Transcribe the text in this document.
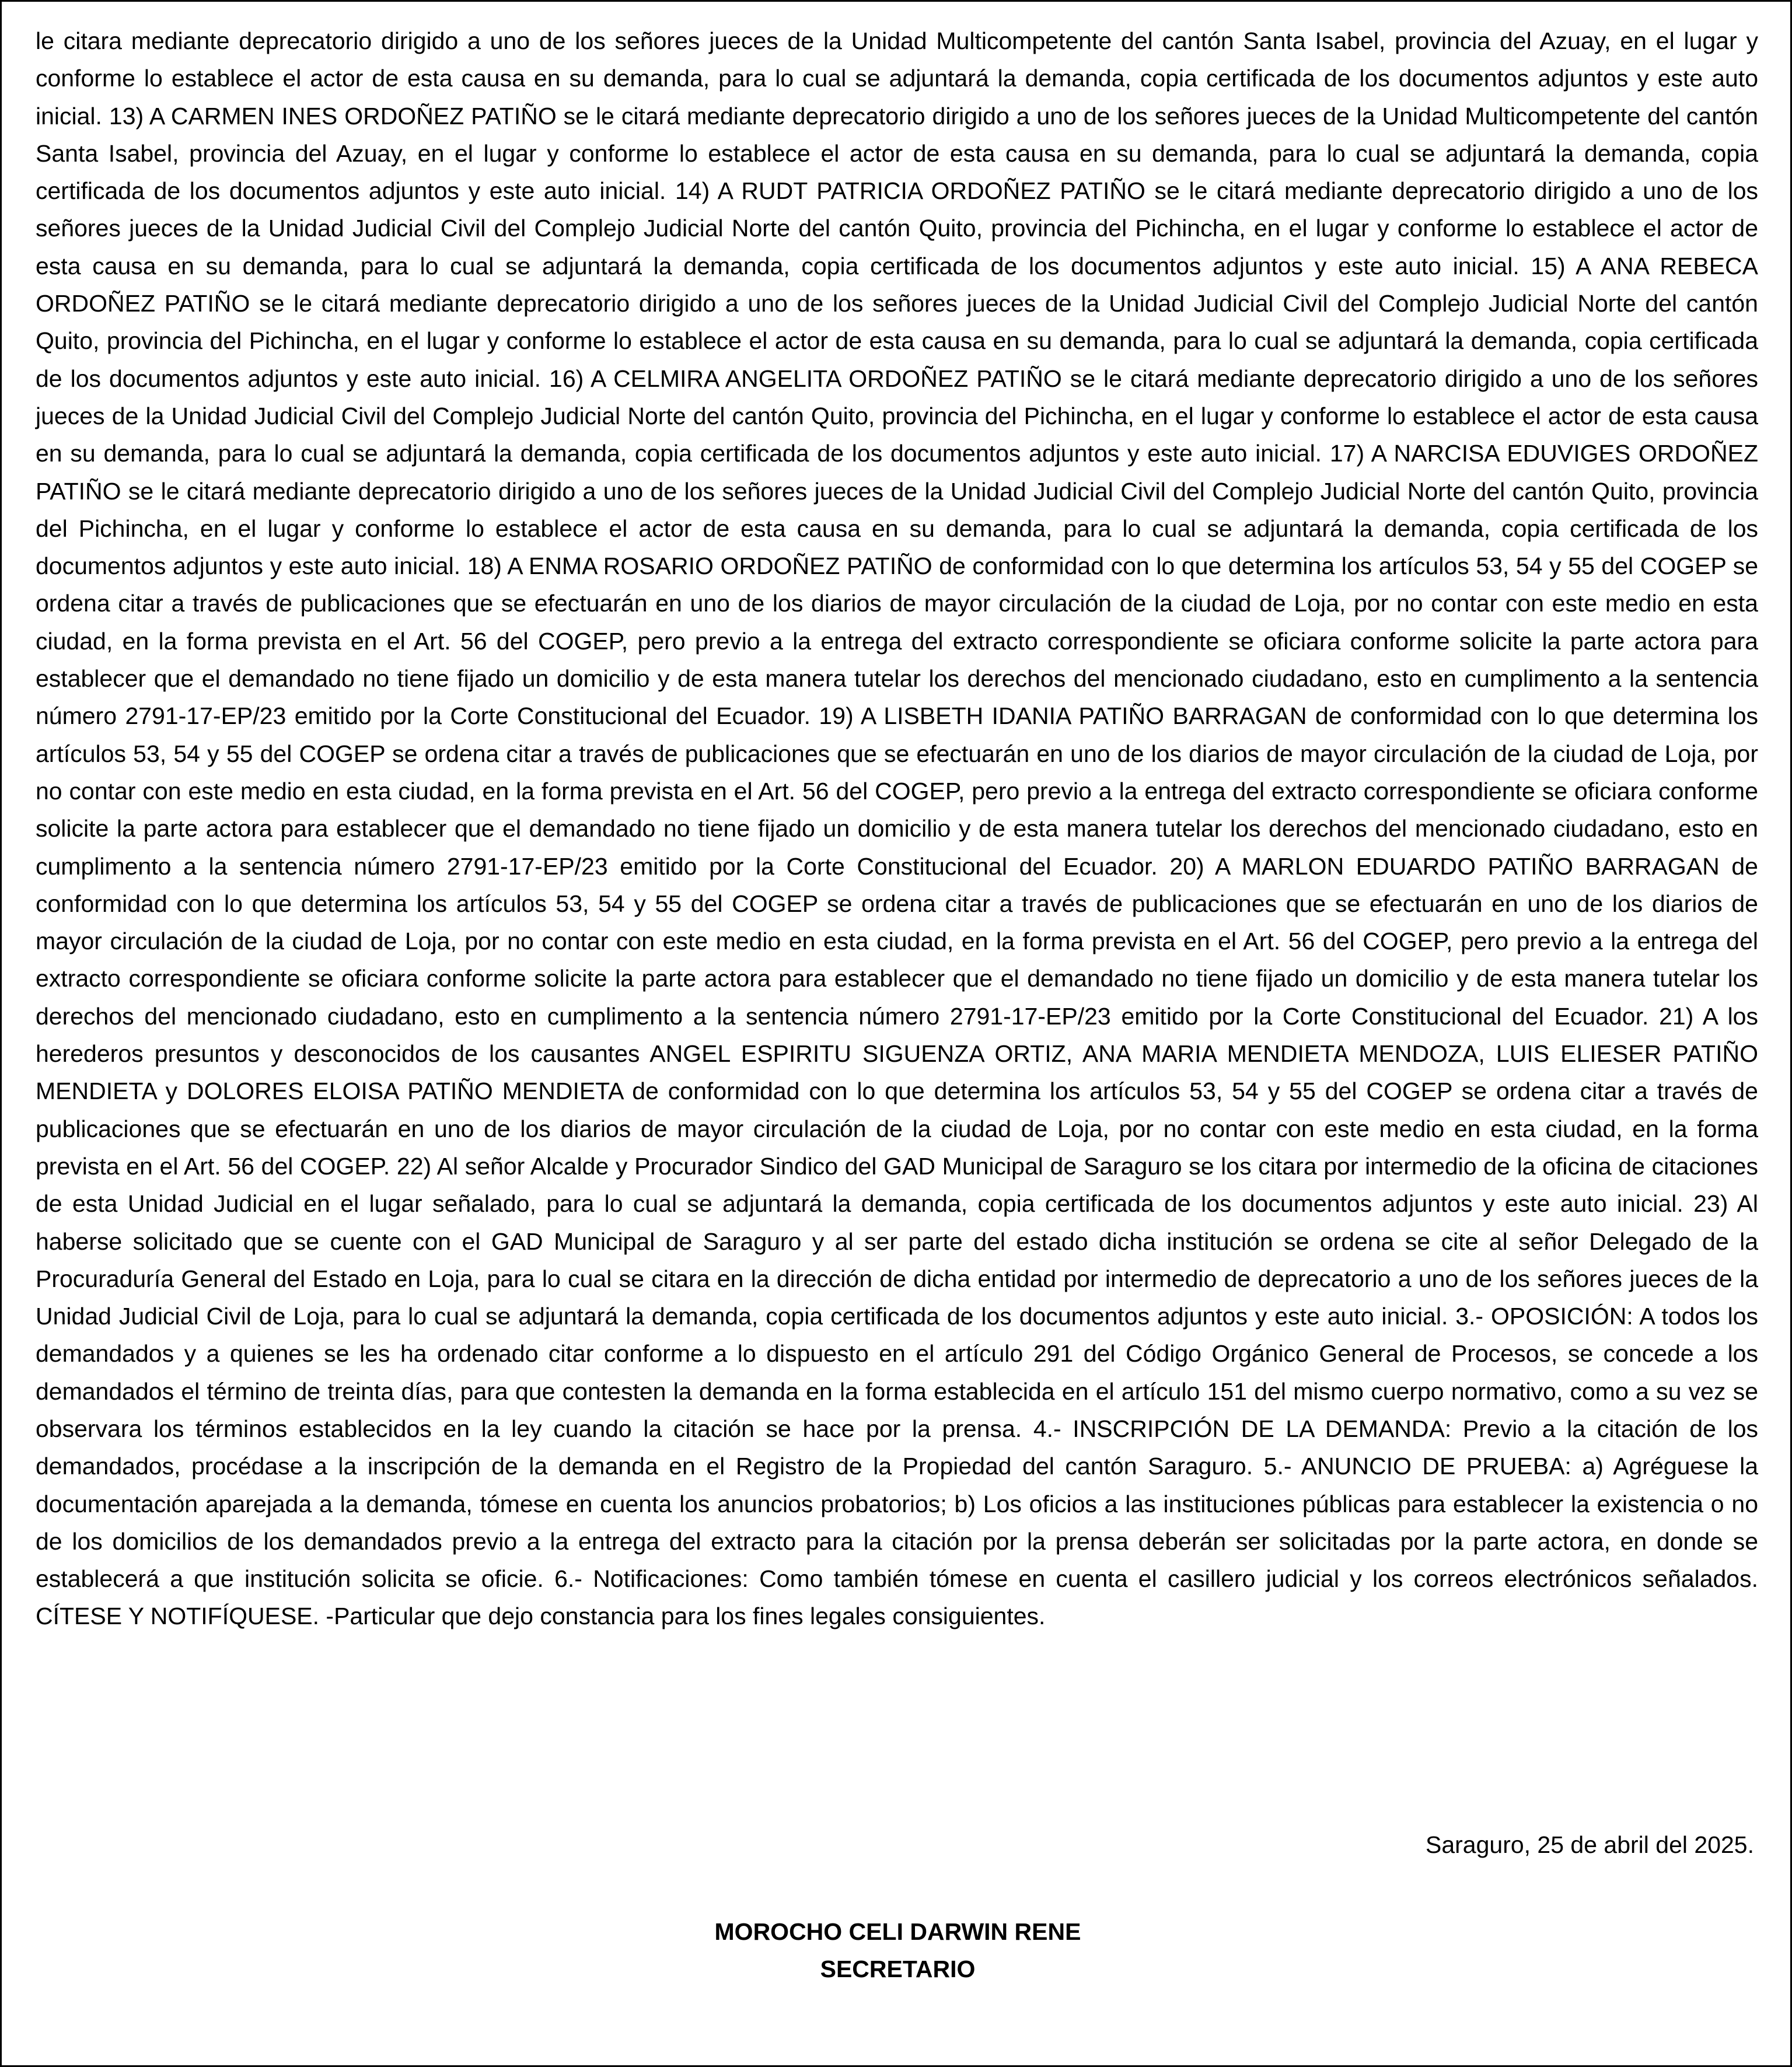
le citara mediante deprecatorio dirigido a uno de los señores jueces de la Unidad Multicompetente del cantón Santa Isabel, provincia del Azuay, en el lugar y conforme lo establece el actor de esta causa en su demanda, para lo cual se adjuntará la demanda, copia certificada de los documentos adjuntos y este auto inicial. 13) A CARMEN INES ORDOÑEZ PATIÑO se le citará mediante deprecatorio dirigido a uno de los señores jueces de la Unidad Multicompetente del cantón Santa Isabel, provincia del Azuay, en el lugar y conforme lo establece el actor de esta causa en su demanda, para lo cual se adjuntará la demanda, copia certificada de los documentos adjuntos y este auto inicial. 14) A RUDT PATRICIA ORDOÑEZ PATIÑO se le citará mediante deprecatorio dirigido a uno de los señores jueces de la Unidad Judicial Civil del Complejo Judicial Norte del cantón Quito, provincia del Pichincha, en el lugar y conforme lo establece el actor de esta causa en su demanda, para lo cual se adjuntará la demanda, copia certificada de los documentos adjuntos y este auto inicial. 15) A ANA REBECA ORDOÑEZ PATIÑO se le citará mediante deprecatorio dirigido a uno de los señores jueces de la Unidad Judicial Civil del Complejo Judicial Norte del cantón Quito, provincia del Pichincha, en el lugar y conforme lo establece el actor de esta causa en su demanda, para lo cual se adjuntará la demanda, copia certificada de los documentos adjuntos y este auto inicial. 16) A CELMIRA ANGELITA ORDOÑEZ PATIÑO se le citará mediante deprecatorio dirigido a uno de los señores jueces de la Unidad Judicial Civil del Complejo Judicial Norte del cantón Quito, provincia del Pichincha, en el lugar y conforme lo establece el actor de esta causa en su demanda, para lo cual se adjuntará la demanda, copia certificada de los documentos adjuntos y este auto inicial. 17) A NARCISA EDUVIGES ORDOÑEZ PATIÑO se le citará mediante deprecatorio dirigido a uno de los señores jueces de la Unidad Judicial Civil del Complejo Judicial Norte del cantón Quito, provincia del Pichincha, en el lugar y conforme lo establece el actor de esta causa en su demanda, para lo cual se adjuntará la demanda, copia certificada de los documentos adjuntos y este auto inicial. 18) A ENMA ROSARIO ORDOÑEZ PATIÑO de conformidad con lo que determina los artículos 53, 54 y 55 del COGEP se ordena citar a través de publicaciones que se efectuarán en uno de los diarios de mayor circulación de la ciudad de Loja, por no contar con este medio en esta ciudad, en la forma prevista en el Art. 56 del COGEP, pero previo a la entrega del extracto correspondiente se oficiara conforme solicite la parte actora para establecer que el demandado no tiene fijado un domicilio y de esta manera tutelar los derechos del mencionado ciudadano, esto en cumplimento a la sentencia número 2791-17-EP/23 emitido por la Corte Constitucional del Ecuador. 19) A LISBETH IDANIA PATIÑO BARRAGAN de conformidad con lo que determina los artículos 53, 54 y 55 del COGEP se ordena citar a través de publicaciones que se efectuarán en uno de los diarios de mayor circulación de la ciudad de Loja, por no contar con este medio en esta ciudad, en la forma prevista en el Art. 56 del COGEP, pero previo a la entrega del extracto correspondiente se oficiara conforme solicite la parte actora para establecer que el demandado no tiene fijado un domicilio y de esta manera tutelar los derechos del mencionado ciudadano, esto en cumplimento a la sentencia número 2791-17-EP/23 emitido por la Corte Constitucional del Ecuador. 20) A MARLON EDUARDO PATIÑO BARRAGAN de conformidad con lo que determina los artículos 53, 54 y 55 del COGEP se ordena citar a través de publicaciones que se efectuarán en uno de los diarios de mayor circulación de la ciudad de Loja, por no contar con este medio en esta ciudad, en la forma prevista en el Art. 56 del COGEP, pero previo a la entrega del extracto correspondiente se oficiara conforme solicite la parte actora para establecer que el demandado no tiene fijado un domicilio y de esta manera tutelar los derechos del mencionado ciudadano, esto en cumplimento a la sentencia número 2791-17-EP/23 emitido por la Corte Constitucional del Ecuador. 21) A los herederos presuntos y desconocidos de los causantes ANGEL ESPIRITU SIGUENZA ORTIZ, ANA MARIA MENDIETA MENDOZA, LUIS ELIESER PATIÑO MENDIETA y DOLORES ELOISA PATIÑO MENDIETA de conformidad con lo que determina los artículos 53, 54 y 55 del COGEP se ordena citar a través de publicaciones que se efectuarán en uno de los diarios de mayor circulación de la ciudad de Loja, por no contar con este medio en esta ciudad, en la forma prevista en el Art. 56 del COGEP. 22) Al señor Alcalde y Procurador Sindico del GAD Municipal de Saraguro se los citara por intermedio de la oficina de citaciones de esta Unidad Judicial en el lugar señalado, para lo cual se adjuntará la demanda, copia certificada de los documentos adjuntos y este auto inicial. 23) Al haberse solicitado que se cuente con el GAD Municipal de Saraguro y al ser parte del estado dicha institución se ordena se cite al señor Delegado de la Procuraduría General del Estado en Loja, para lo cual se citara en la dirección de dicha entidad por intermedio de deprecatorio a uno de los señores jueces de la Unidad Judicial Civil de Loja, para lo cual se adjuntará la demanda, copia certificada de los documentos adjuntos y este auto inicial. 3.- OPOSICIÓN: A todos los demandados y a quienes se les ha ordenado citar conforme a lo dispuesto en el artículo 291 del Código Orgánico General de Procesos, se concede a los demandados el término de treinta días, para que contesten la demanda en la forma establecida en el artículo 151 del mismo cuerpo normativo, como a su vez se observara los términos establecidos en la ley cuando la citación se hace por la prensa. 4.- INSCRIPCIÓN DE LA DEMANDA: Previo a la citación de los demandados, procédase a la inscripción de la demanda en el Registro de la Propiedad del cantón Saraguro. 5.- ANUNCIO DE PRUEBA: a) Agréguese la documentación aparejada a la demanda, tómese en cuenta los anuncios probatorios; b) Los oficios a las instituciones públicas para establecer la existencia o no de los domicilios de los demandados previo a la entrega del extracto para la citación por la prensa deberán ser solicitadas por la parte actora, en donde se establecerá a que institución solicita se oficie. 6.- Notificaciones: Como también tómese en cuenta el casillero judicial y los correos electrónicos señalados. CÍTESE Y NOTIFÍQUESE. -Particular que dejo constancia para los fines legales consiguientes.

Saraguro, 25 de abril del 2025.

MOROCHO CELI DARWIN RENE
SECRETARIO
